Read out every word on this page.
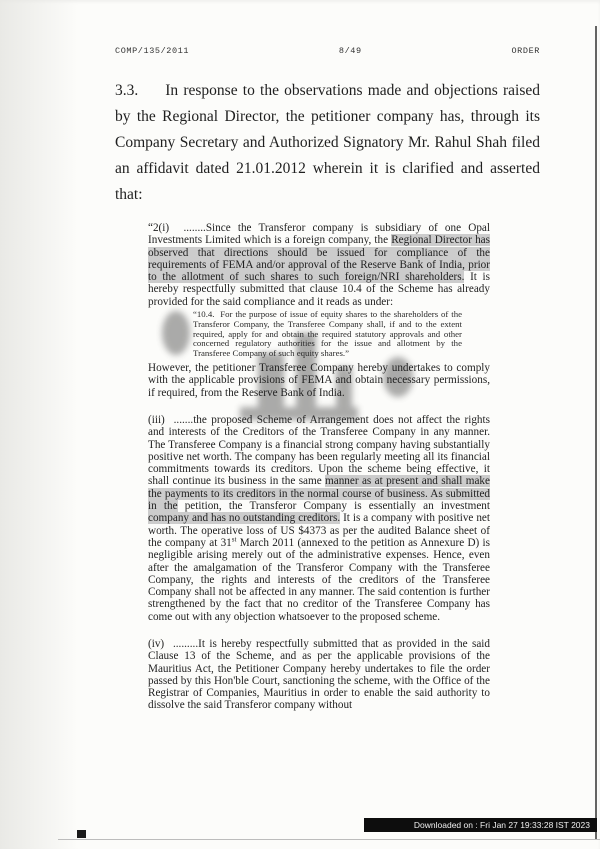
COMP/135/2011	8/49	ORDER

3.3. In response to the observations made and objections raised by the Regional Director, the petitioner company has, through its Company Secretary and Authorized Signatory Mr. Rahul Shah filed an affidavit dated 21.01.2012 wherein it is clarified and asserted that:

“2(i)  ........Since the Transferor company is subsidiary of one Opal Investments Limited which is a foreign company, the Regional Director has observed that directions should be issued for compliance of the requirements of FEMA and/or approval of the Reserve Bank of India, prior to the allotment of such shares to such foreign/NRI shareholders. It is hereby respectfully submitted that clause 10.4 of the Scheme has already provided for the said compliance and it reads as under:

“10.4.  For the purpose of issue of equity shares to the shareholders of the Transferor Company, the Transferee Company shall, if and to the extent required, apply for and obtain the required statutory approvals and other concerned regulatory authorities for the issue and allotment by the Transferee Company of such equity shares.”

However, the petitioner Transferee Company hereby undertakes to comply with the applicable provisions of FEMA and obtain necessary permissions, if required, from the Reserve Bank of India.

(iii)  .......the proposed Scheme of Arrangement does not affect the rights and interests of the Creditors of the Transferee Company in any manner. The Transferee Company is a financial strong company having substantially positive net worth. The company has been regularly meeting all its financial commitments towards its creditors. Upon the scheme being effective, it shall continue its business in the same manner as at present and shall make the payments to its creditors in the normal course of business. As submitted in the petition, the Transferor Company is essentially an investment company and has no outstanding creditors. It is a company with positive net worth. The operative loss of US $4373 as per the audited Balance sheet of the company at 31st March 2011 (annexed to the petition as Annexure D) is negligible arising merely out of the administrative expenses. Hence, even after the amalgamation of the Transferor Company with the Transferee Company, the rights and interests of the creditors of the Transferee Company shall not be affected in any manner. The said contention is further strengthened by the fact that no creditor of the Transferee Company has come out with any objection whatsoever to the proposed scheme.

(iv)  .........It is hereby respectfully submitted that as provided in the said Clause 13 of the Scheme, and as per the applicable provisions of the Mauritius Act, the Petitioner Company hereby undertakes to file the order passed by this Hon'ble Court, sanctioning the scheme, with the Office of the Registrar of Companies, Mauritius in order to enable the said authority to dissolve the said Transferor company without

Downloaded on : Fri Jan 27 19:33:28 IST 2023
